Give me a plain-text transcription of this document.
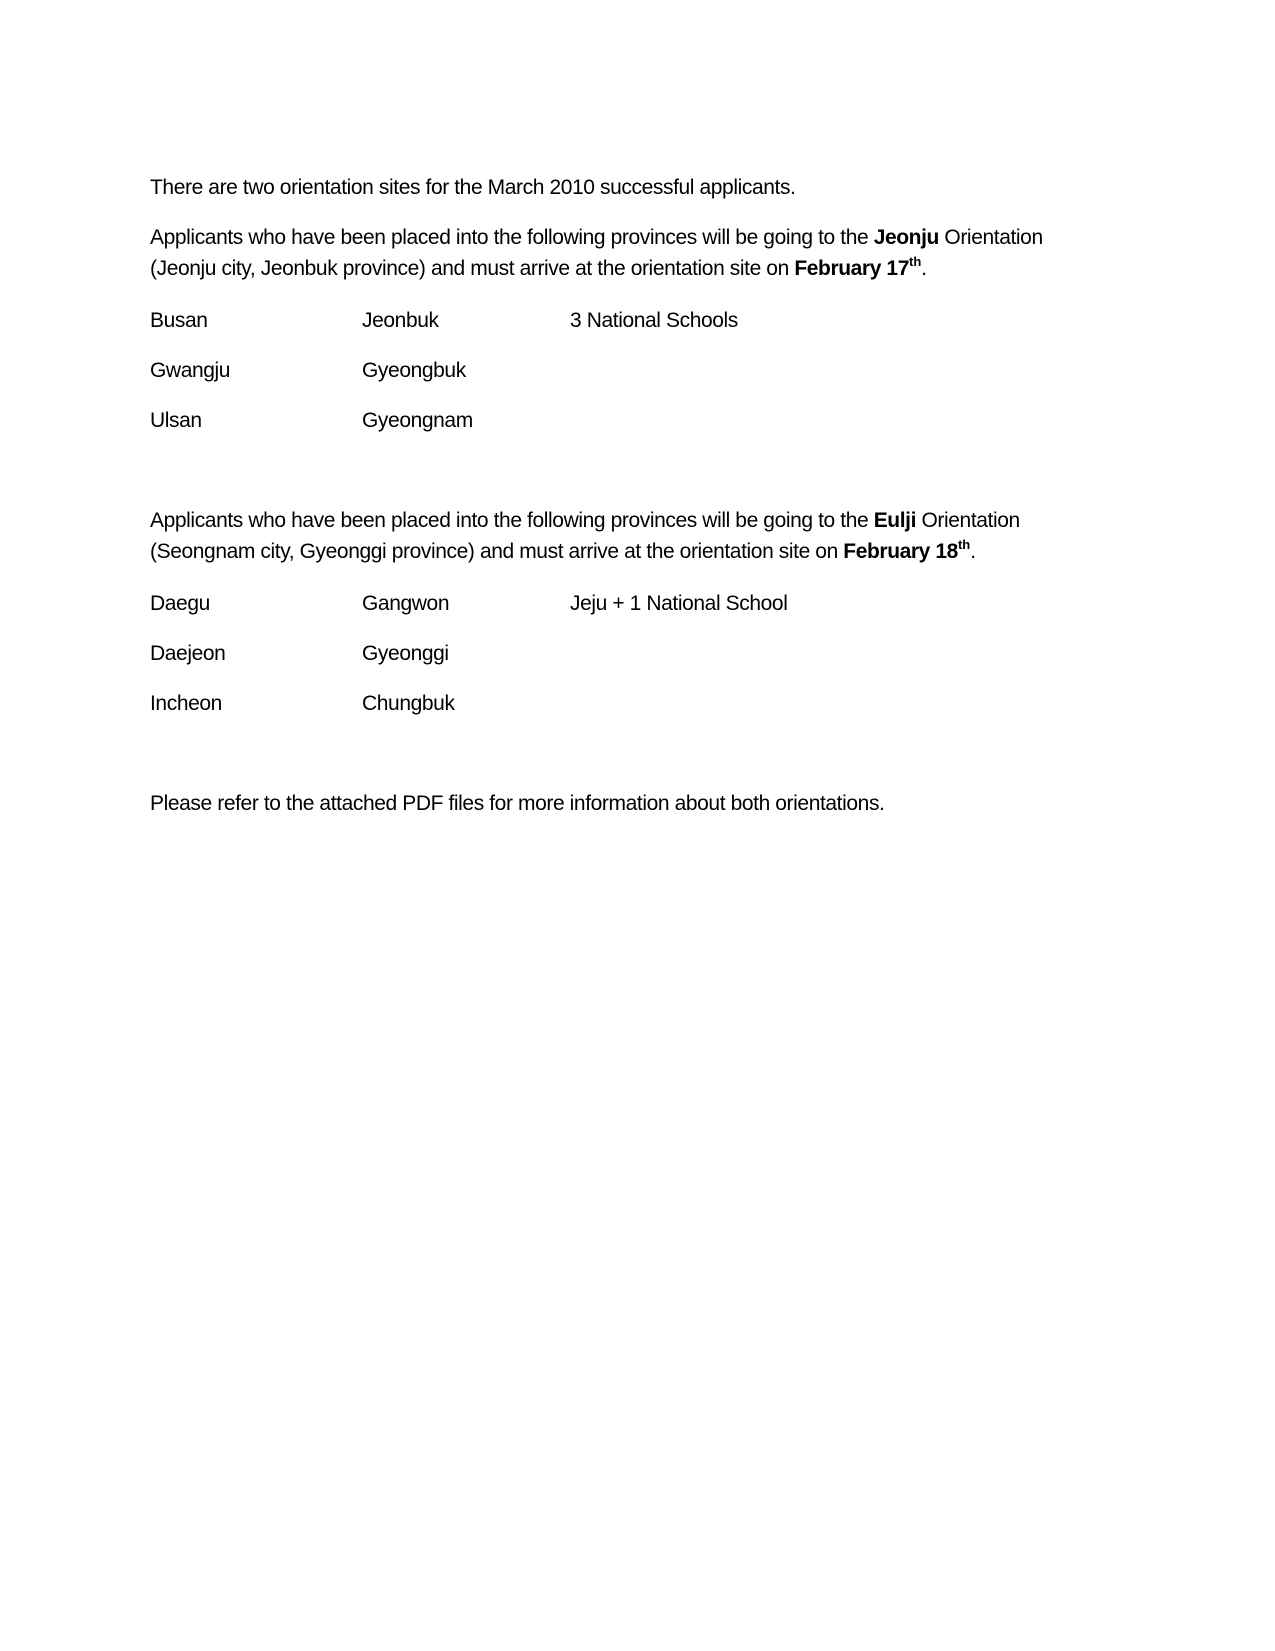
There are two orientation sites for the March 2010 successful applicants.

Applicants who have been placed into the following provinces will be going to the Jeonju Orientation
(Jeonju city, Jeonbuk province) and must arrive at the orientation site on February 17th.

Busan	Jeonbuk	3 National Schools
Gwangju	Gyeongbuk
Ulsan	Gyeongnam

Applicants who have been placed into the following provinces will be going to the Eulji Orientation
(Seongnam city, Gyeonggi province) and must arrive at the orientation site on February 18th.

Daegu	Gangwon	Jeju + 1 National School
Daejeon	Gyeonggi
Incheon	Chungbuk

Please refer to the attached PDF files for more information about both orientations.
